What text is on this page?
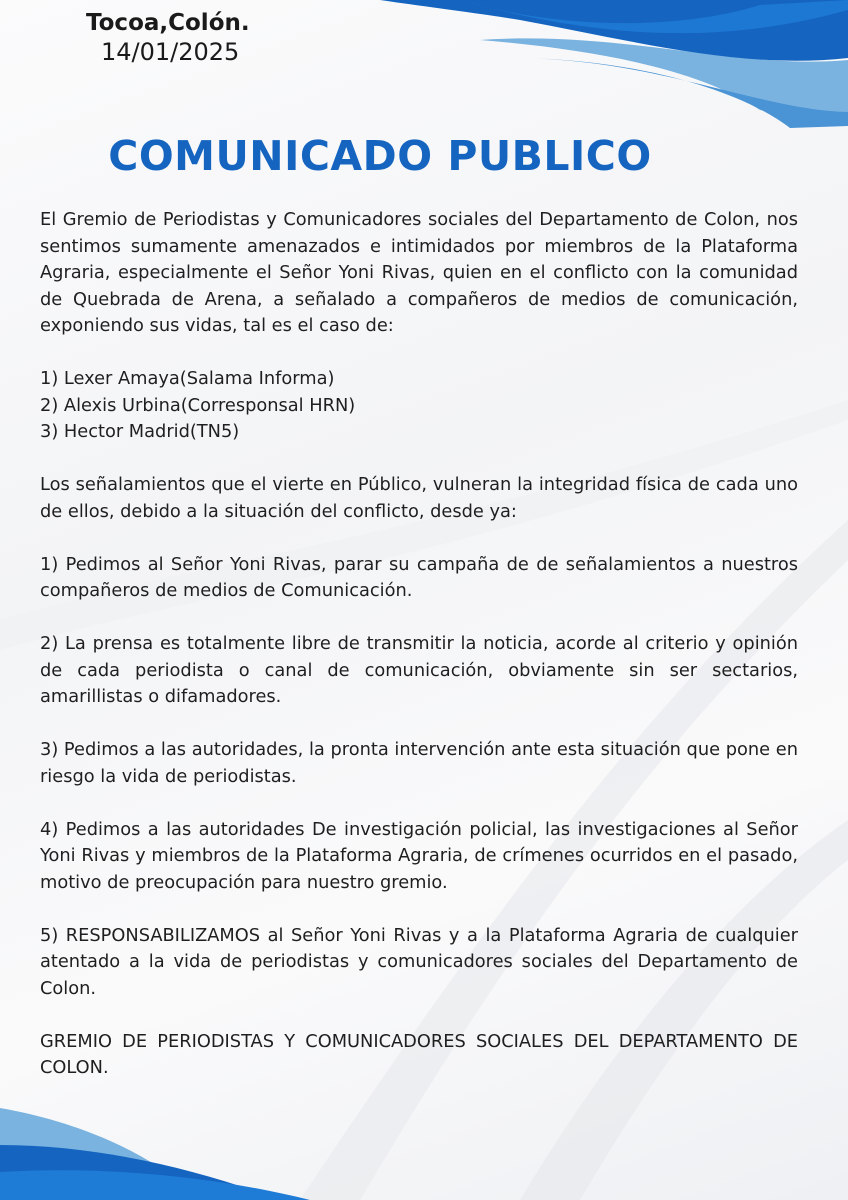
Tocoa,Colón.
14/01/2025
COMUNICADO PUBLICO

El Gremio de Periodistas y Comunicadores sociales del Departamento de Colon, nos sentimos sumamente amenazados e intimidados por miembros de la Plataforma Agraria, especialmente el Señor Yoni Rivas, quien en el conflicto con la comunidad de Quebrada de Arena, a señalado a compañeros de medios de comunicación, exponiendo sus vidas, tal es el caso de:

1) Lexer Amaya(Salama Informa)

2) Alexis Urbina(Corresponsal HRN)

3) Hector Madrid(TN5)

Los señalamientos que el vierte en Público, vulneran la integridad física de cada uno de ellos, debido a la situación del conflicto, desde ya:

1) Pedimos al Señor Yoni Rivas, parar su campaña de de señalamientos a nuestros compañeros de medios de Comunicación.

2) La prensa es totalmente libre de transmitir la noticia, acorde al criterio y opinión de cada periodista o canal de comunicación, obviamente sin ser sectarios, amarillistas o difamadores.

3) Pedimos a las autoridades, la pronta intervención ante esta situación que pone en riesgo la vida de periodistas.

4) Pedimos a las autoridades De investigación policial, las investigaciones al Señor Yoni Rivas y miembros de la Plataforma Agraria, de crímenes ocurridos en el pasado, motivo de preocupación para nuestro gremio.

5) RESPONSABILIZAMOS al Señor Yoni Rivas y a la Plataforma Agraria de cualquier atentado a la vida de periodistas y comunicadores sociales del Departamento de Colon.

GREMIO DE PERIODISTAS Y COMUNICADORES SOCIALES DEL DEPARTAMENTO DE COLON.
